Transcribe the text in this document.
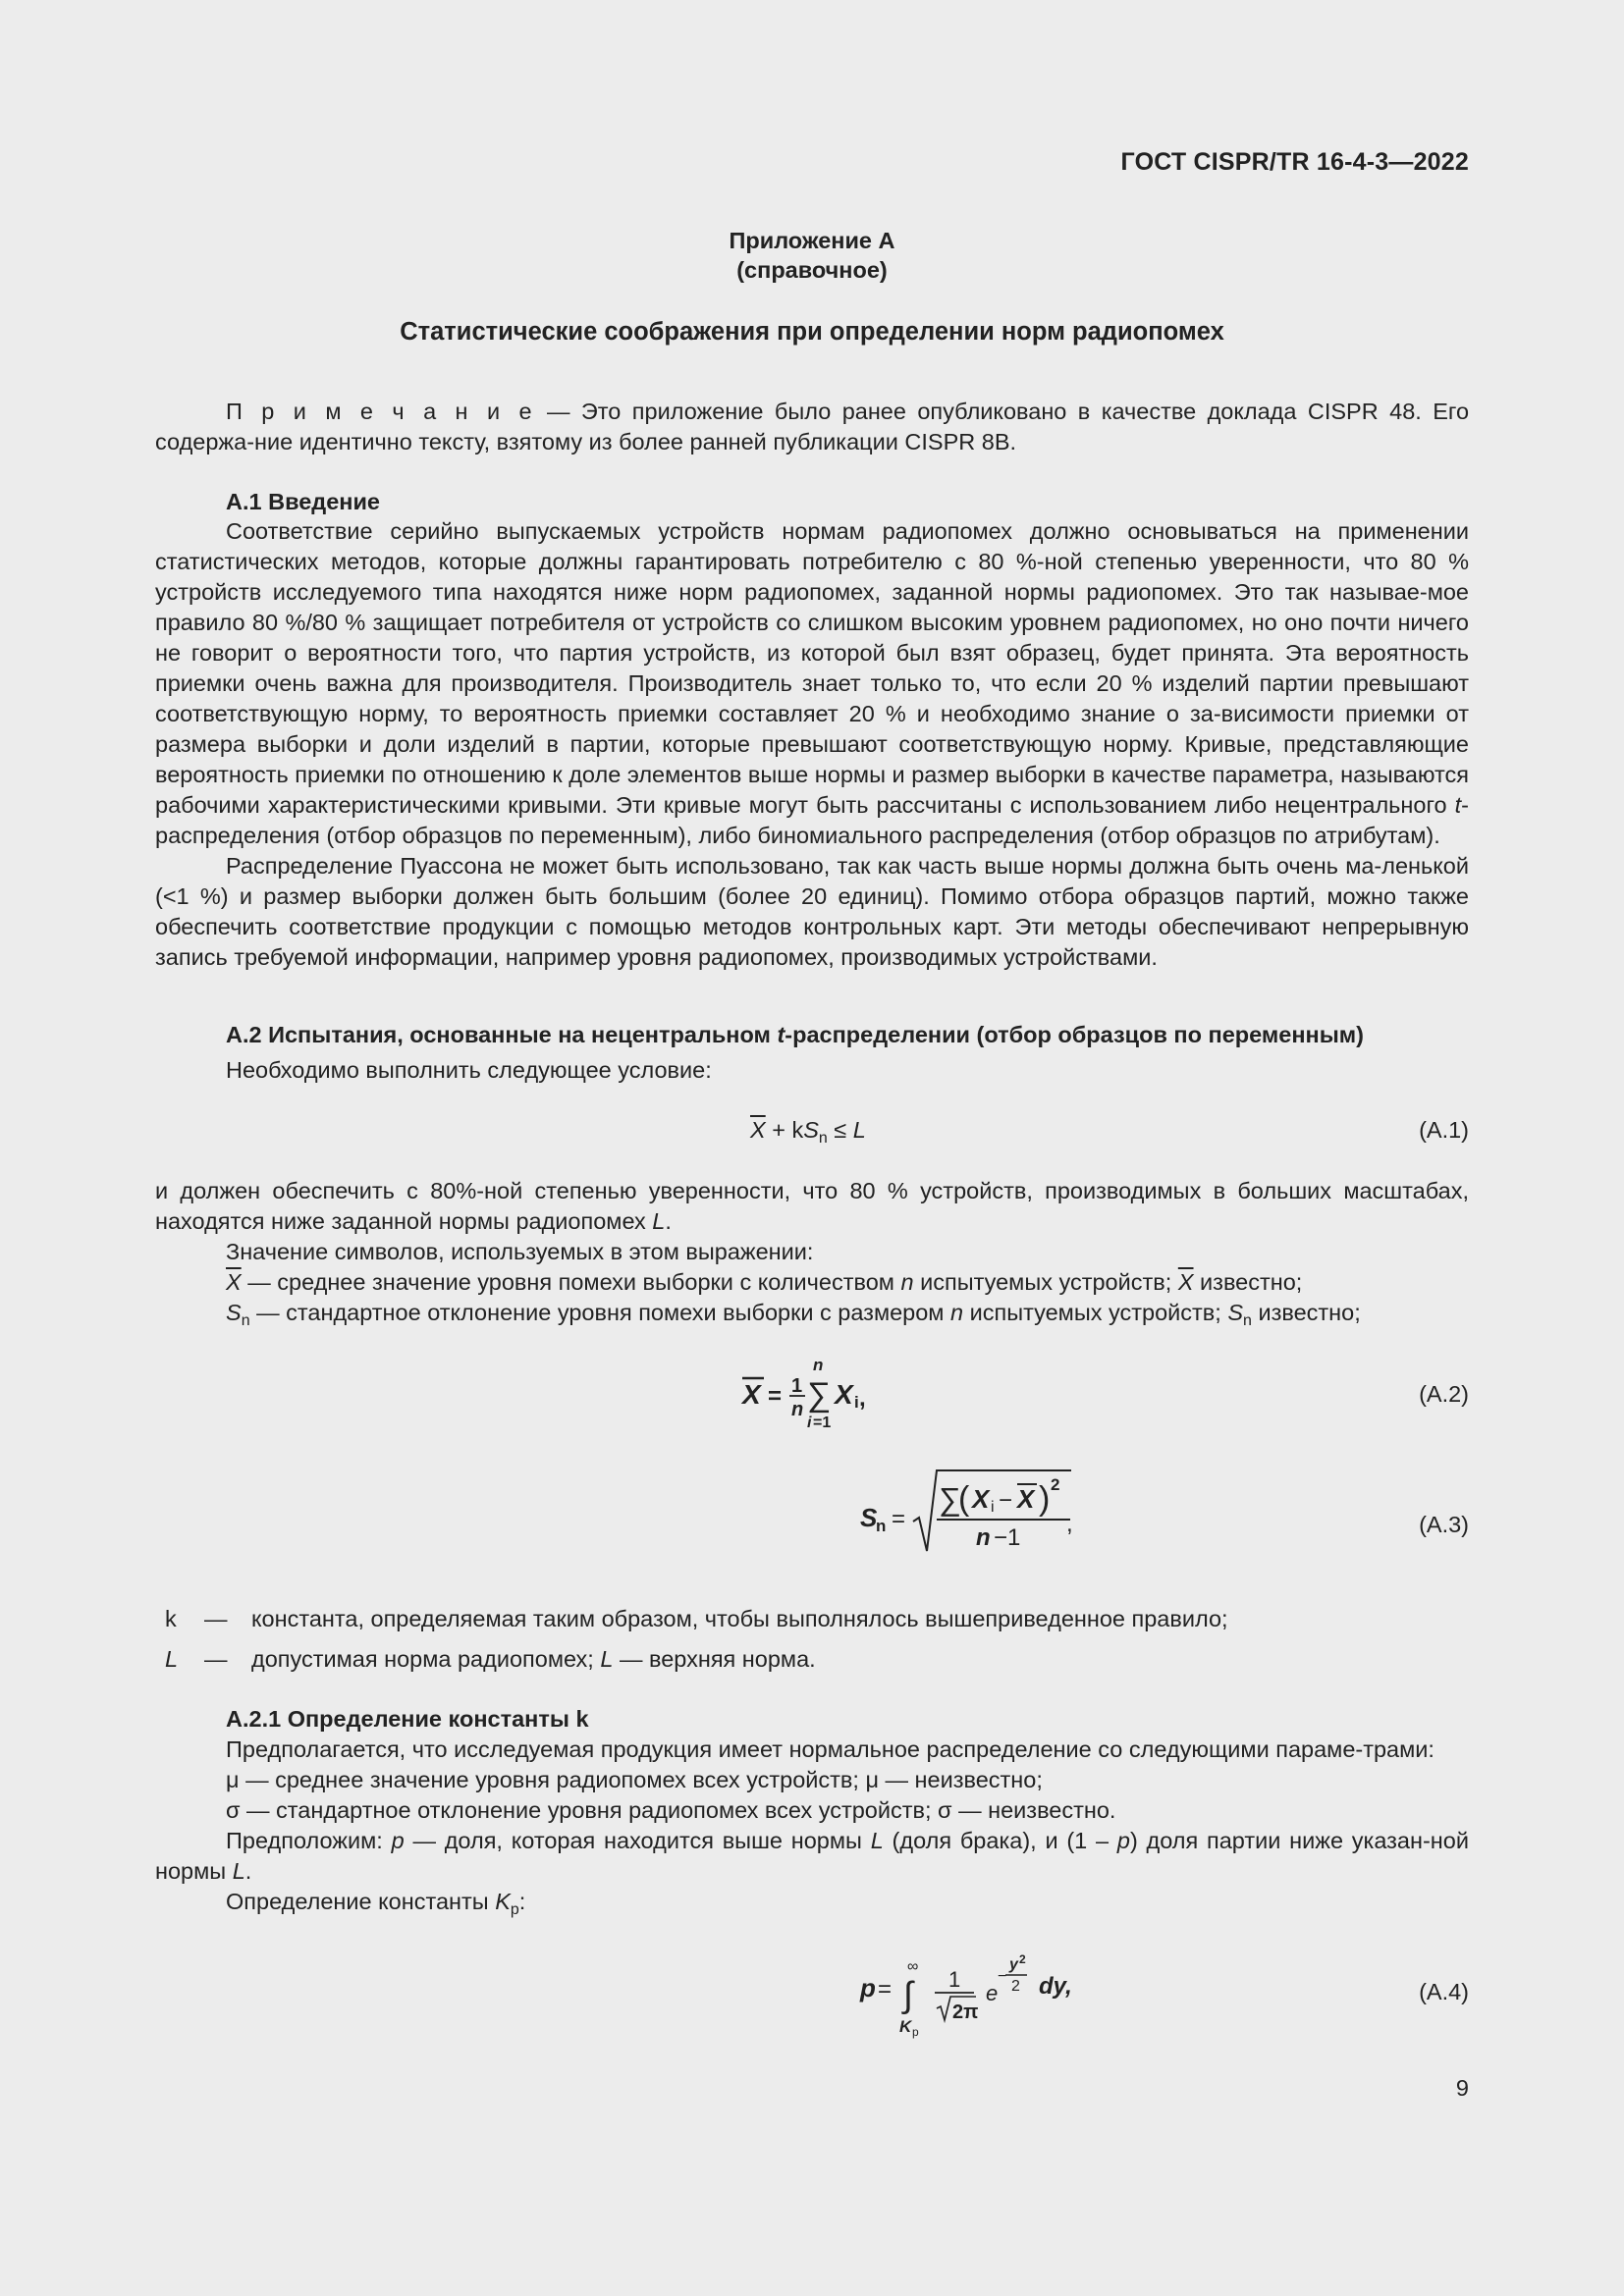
ГОСТ CISPR/TR 16-4-3—2022
Приложение А
(справочное)
Статистические соображения при определении норм радиопомех

П р и м е ч а н и е — Это приложение было ранее опубликовано в качестве доклада CISPR 48. Его содержа-ние идентично тексту, взятому из более ранней публикации CISPR 8В.

А.1 Введение

Соответствие серийно выпускаемых устройств нормам радиопомех должно основываться на применении статистических методов, которые должны гарантировать потребителю с 80 %-ной степенью уверенности, что 80 % устройств исследуемого типа находятся ниже норм радиопомех, заданной нормы радиопомех. Это так называе-мое правило 80 %/80 % защищает потребителя от устройств со слишком высоким уровнем радиопомех, но оно почти ничего не говорит о вероятности того, что партия устройств, из которой был взят образец, будет принята. Эта вероятность приемки очень важна для производителя. Производитель знает только то, что если 20 % изделий партии превышают соответствующую норму, то вероятность приемки составляет 20 % и необходимо знание о за-висимости приемки от размера выборки и доли изделий в партии, которые превышают соответствующую норму. Кривые, представляющие вероятность приемки по отношению к доле элементов выше нормы и размер выборки в качестве параметра, называются рабочими характеристическими кривыми. Эти кривые могут быть рассчитаны с использованием либо нецентрального t-распределения (отбор образцов по переменным), либо биномиального распределения (отбор образцов по атрибутам).

Распределение Пуассона не может быть использовано, так как часть выше нормы должна быть очень ма-ленькой (<1 %) и размер выборки должен быть большим (более 20 единиц). Помимо отбора образцов партий, можно также обеспечить соответствие продукции с помощью методов контрольных карт. Эти методы обеспечивают непрерывную запись требуемой информации, например уровня радиопомех, производимых устройствами.

А.2 Испытания, основанные на нецентральном t-распределении (отбор образцов по переменным)
Необходимо выполнить следующее условие:
$\overline{X} + kS_n \le L$	(А.1)

и должен обеспечить с 80%-ной степенью уверенности, что 80 % устройств, производимых в больших масштабах, находятся ниже заданной нормы радиопомех L.

Значение символов, используемых в этом выражении:
$\overline{X}$ — среднее значение уровня помехи выборки с количеством n испытуемых устройств; $\overline{X}$ известно;
$S_n$ — стандартное отклонение уровня помехи выборки с размером n испытуемых устройств; $S_n$ известно;
X = 1
n
n
∑
i =1
X i ,	(А.2)
S
n =
∑
( X i − X ) 2
n −1
,	(А.3)
k — константа, определяемая таким образом, чтобы выполнялось вышеприведенное правило;
L — допустимая норма радиопомех; L — верхняя норма.
А.2.1 Определение константы k

Предполагается, что исследуемая продукция имеет нормальное распределение со следующими параме-трами:

μ — среднее значение уровня радиопомех всех устройств; μ — неизвестно;
σ — стандартное отклонение уровня радиопомех всех устройств; σ — неизвестно.

Предположим: p — доля, которая находится выше нормы L (доля брака), и (1 – p) доля партии ниже указан-ной нормы L.

Определение константы $K_p$:
p =
∞
∫
K p
1
2π
e
−
y 2
2 dy,	(А.4)
9
